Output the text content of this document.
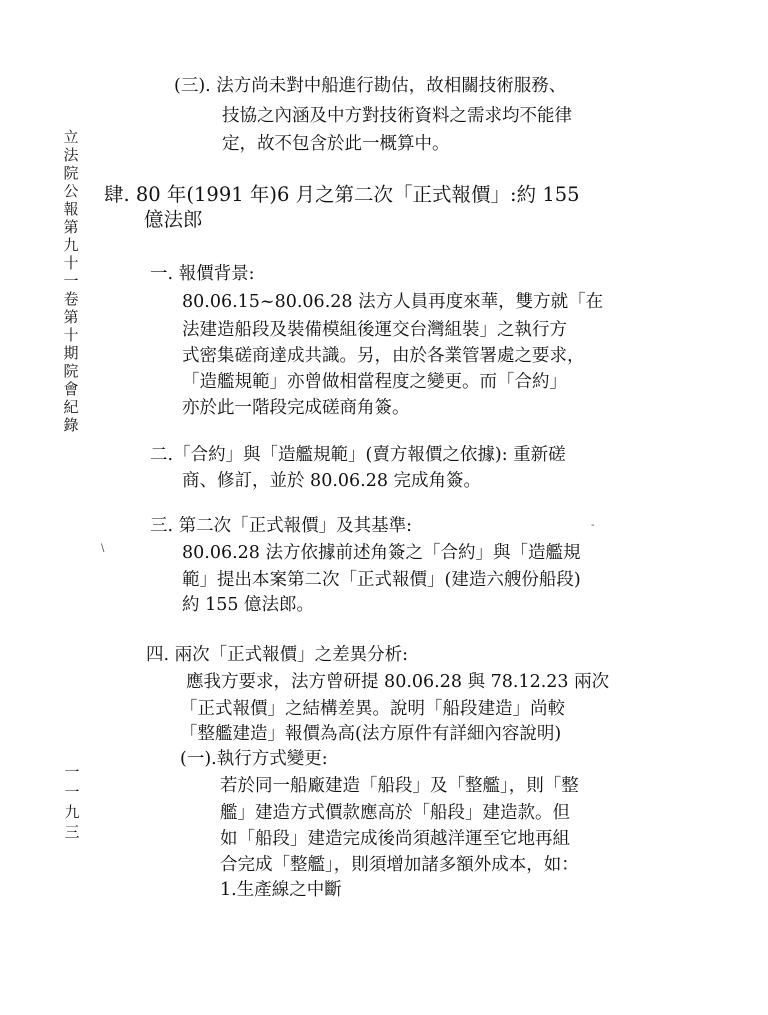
立法院公報　第九十一卷　第十期　院會紀錄
一一九三
(三). 法方尚未對中船進行勘估，故相關技術服務、
技協之內涵及中方對技術資料之需求均不能律
定，故不包含於此一概算中。
肆. 80 年(1991 年)6 月之第二次「正式報價」:約 155
億法郎
一. 報價背景:
80.06.15~80.06.28 法方人員再度來華，雙方就「在
法建造船段及裝備模組後運交台灣組裝」之執行方
式密集磋商達成共識。另，由於各業管署處之要求，
「造艦規範」亦曾做相當程度之變更。而「合約」
亦於此一階段完成磋商角簽。
二.「合約」與「造艦規範」(賣方報價之依據): 重新磋
商、修訂，並於 80.06.28 完成角簽。
三. 第二次「正式報價」及其基準:
80.06.28 法方依據前述角簽之「合約」與「造艦規
範」提出本案第二次「正式報價」(建造六艘份船段)
約 155 億法郎。
四. 兩次「正式報價」之差異分析:
應我方要求，法方曾研提 80.06.28 與 78.12.23 兩次
「正式報價」之結構差異。說明「船段建造」尚較
「整艦建造」報價為高(法方原件有詳細內容說明)
(一).執行方式變更:
若於同一船廠建造「船段」及「整艦」，則「整
艦」建造方式價款應高於「船段」建造款。但
如「船段」建造完成後尚須越洋運至它地再組
合完成「整艦」，則須增加諸多額外成本，如：
1.生產線之中斷
\
-
